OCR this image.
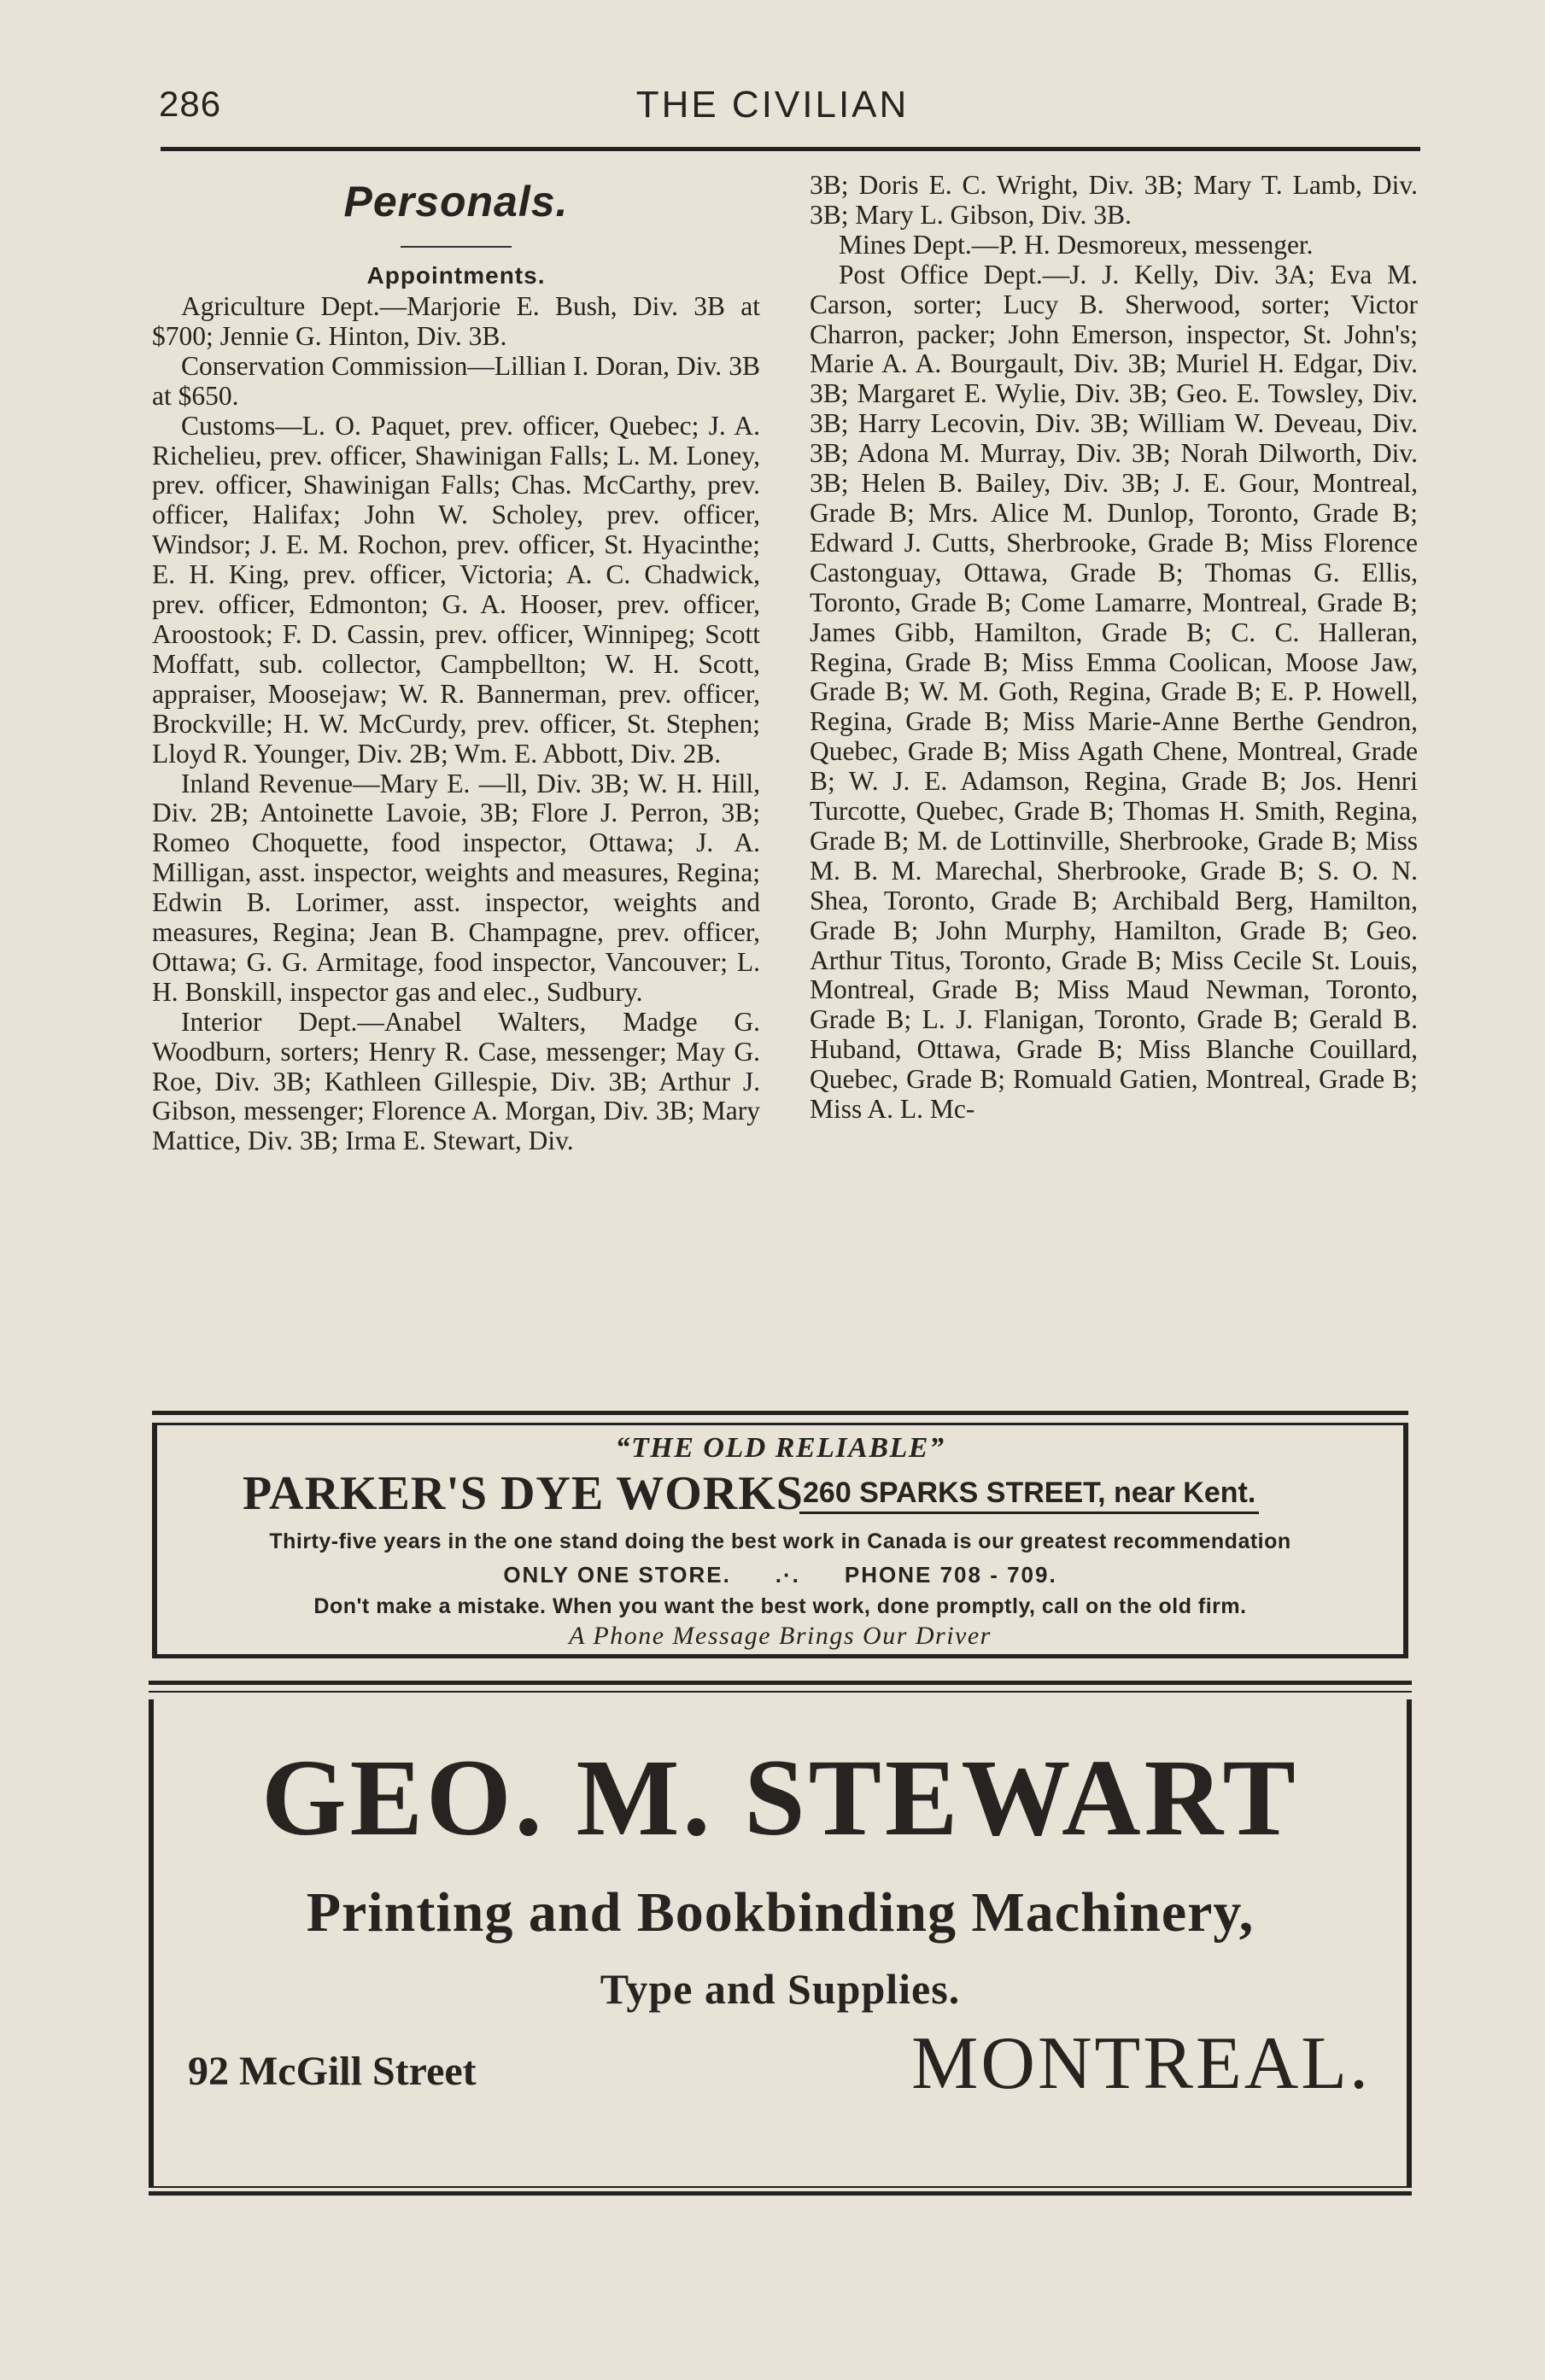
286	THE CIVILIAN
Personals.
Appointments.

Agriculture Dept.—Marjorie E. Bush, Div. 3B at $700; Jennie G. Hinton, Div. 3B.

Conservation Commission—Lillian I. Doran, Div. 3B at $650.

Customs—L. O. Paquet, prev. officer, Quebec; J. A. Richelieu, prev. officer, Shawinigan Falls; L. M. Loney, prev. officer, Shawinigan Falls; Chas. McCarthy, prev. officer, Halifax; John W. Scholey, prev. officer, Windsor; J. E. M. Rochon, prev. officer, St. Hyacinthe; E. H. King, prev. officer, Victoria; A. C. Chadwick, prev. officer, Edmonton; G. A. Hooser, prev. officer, Aroostook; F. D. Cassin, prev. officer, Winnipeg; Scott Moffatt, sub. collector, Campbellton; W. H. Scott, appraiser, Moosejaw; W. R. Bannerman, prev. officer, Brockville; H. W. McCurdy, prev. officer, St. Stephen; Lloyd R. Younger, Div. 2B; Wm. E. Abbott, Div. 2B.

Inland Revenue—Mary E. —ll, Div. 3B; W. H. Hill, Div. 2B; Antoinette Lavoie, 3B; Flore J. Perron, 3B; Romeo Choquette, food inspector, Ottawa; J. A. Milligan, asst. inspector, weights and measures, Regina; Edwin B. Lorimer, asst. inspector, weights and measures, Regina; Jean B. Champagne, prev. officer, Ottawa; G. G. Armitage, food inspector, Vancouver; L. H. Bonskill, inspector gas and elec., Sudbury.

Interior Dept.—Anabel Walters, Madge G. Woodburn, sorters; Henry R. Case, messenger; May G. Roe, Div. 3B; Kathleen Gillespie, Div. 3B; Arthur J. Gibson, messenger; Florence A. Morgan, Div. 3B; Mary Mattice, Div. 3B; Irma E. Stewart, Div.

3B; Doris E. C. Wright, Div. 3B; Mary T. Lamb, Div. 3B; Mary L. Gibson, Div. 3B.

Mines Dept.—P. H. Desmoreux, messenger.

Post Office Dept.—J. J. Kelly, Div. 3A; Eva M. Carson, sorter; Lucy B. Sherwood, sorter; Victor Charron, packer; John Emerson, inspector, St. John's; Marie A. A. Bourgault, Div. 3B; Muriel H. Edgar, Div. 3B; Margaret E. Wylie, Div. 3B; Geo. E. Towsley, Div. 3B; Harry Lecovin, Div. 3B; William W. Deveau, Div. 3B; Adona M. Murray, Div. 3B; Norah Dilworth, Div. 3B; Helen B. Bailey, Div. 3B; J. E. Gour, Montreal, Grade B; Mrs. Alice M. Dunlop, Toronto, Grade B; Edward J. Cutts, Sherbrooke, Grade B; Miss Florence Castonguay, Ottawa, Grade B; Thomas G. Ellis, Toronto, Grade B; Come Lamarre, Montreal, Grade B; James Gibb, Hamilton, Grade B; C. C. Halleran, Regina, Grade B; Miss Emma Coolican, Moose Jaw, Grade B; W. M. Goth, Regina, Grade B; E. P. Howell, Regina, Grade B; Miss Marie-Anne Berthe Gendron, Quebec, Grade B; Miss Agath Chene, Montreal, Grade B; W. J. E. Adamson, Regina, Grade B; Jos. Henri Turcotte, Quebec, Grade B; Thomas H. Smith, Regina, Grade B; M. de Lottinville, Sherbrooke, Grade B; Miss M. B. M. Marechal, Sherbrooke, Grade B; S. O. N. Shea, Toronto, Grade B; Archibald Berg, Hamilton, Grade B; John Murphy, Hamilton, Grade B; Geo. Arthur Titus, Toronto, Grade B; Miss Cecile St. Louis, Montreal, Grade B; Miss Maud Newman, Toronto, Grade B; L. J. Flanigan, Toronto, Grade B; Gerald B. Huband, Ottawa, Grade B; Miss Blanche Couillard, Quebec, Grade B; Romuald Gatien, Montreal, Grade B; Miss A. L. Mc-

“THE OLD RELIABLE”
PARKER'S DYE WORKS 260 SPARKS STREET, near Kent.
Thirty-five years in the one stand doing the best work in Canada is our greatest recommendation
ONLY ONE STORE. .·. PHONE 708 - 709.
Don't make a mistake. When you want the best work, done promptly, call on the old firm.
A Phone Message Brings Our Driver
GEO. M. STEWART
Printing and Bookbinding Machinery,
Type and Supplies.
92 McGill Street	MONTREAL.
